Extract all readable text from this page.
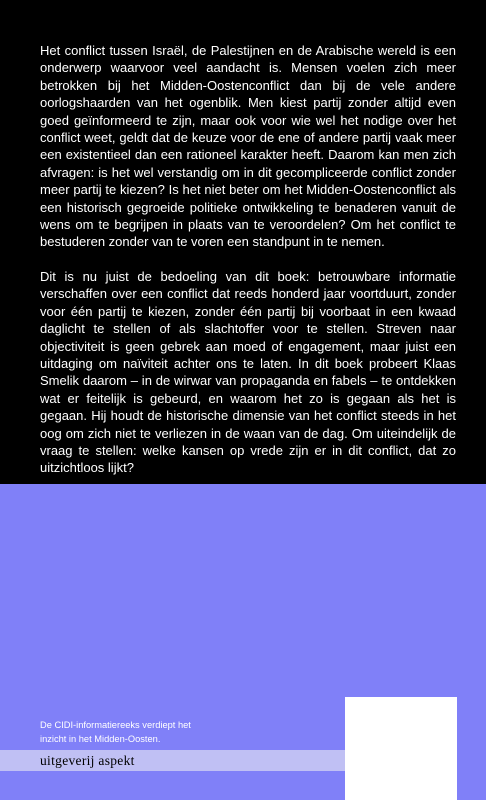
Het conflict tussen Israël, de Palestijnen en de Arabische wereld is een onderwerp waarvoor veel aandacht is. Mensen voelen zich meer betrokken bij het Midden-Oostenconflict dan bij de vele andere oorlogshaarden van het ogenblik. Men kiest partij zonder altijd even goed geïnformeerd te zijn, maar ook voor wie wel het nodige over het conflict weet, geldt dat de keuze voor de ene of andere partij vaak meer een existentieel dan een rationeel karakter heeft. Daarom kan men zich afvragen: is het wel verstandig om in dit gecompliceerde conflict zonder meer partij te kiezen? Is het niet beter om het Midden-Oostenconflict als een historisch gegroeide politieke ontwikkeling te benaderen vanuit de wens om te begrijpen in plaats van te veroordelen? Om het conflict te bestuderen zonder van te voren een standpunt in te nemen.

Dit is nu juist de bedoeling van dit boek: betrouwbare informatie verschaffen over een conflict dat reeds honderd jaar voortduurt, zonder voor één partij te kiezen, zonder één partij bij voorbaat in een kwaad daglicht te stellen of als slachtoffer voor te stellen. Streven naar objectiviteit is geen gebrek aan moed of engagement, maar juist een uitdaging om naïviteit achter ons te laten. In dit boek probeert Klaas Smelik daarom – in de wirwar van propaganda en fabels – te ontdekken wat er feitelijk is gebeurd, en waarom het zo is gegaan als het is gegaan. Hij houdt de historische dimensie van het conflict steeds in het oog om zich niet te verliezen in de waan van de dag. Om uiteindelijk de vraag te stellen: welke kansen op vrede zijn er in dit conflict, dat zo uitzichtloos lijkt?

De CIDI-informatiereeks verdiept het
inzicht in het Midden-Oosten.
uitgeverij aspekt
